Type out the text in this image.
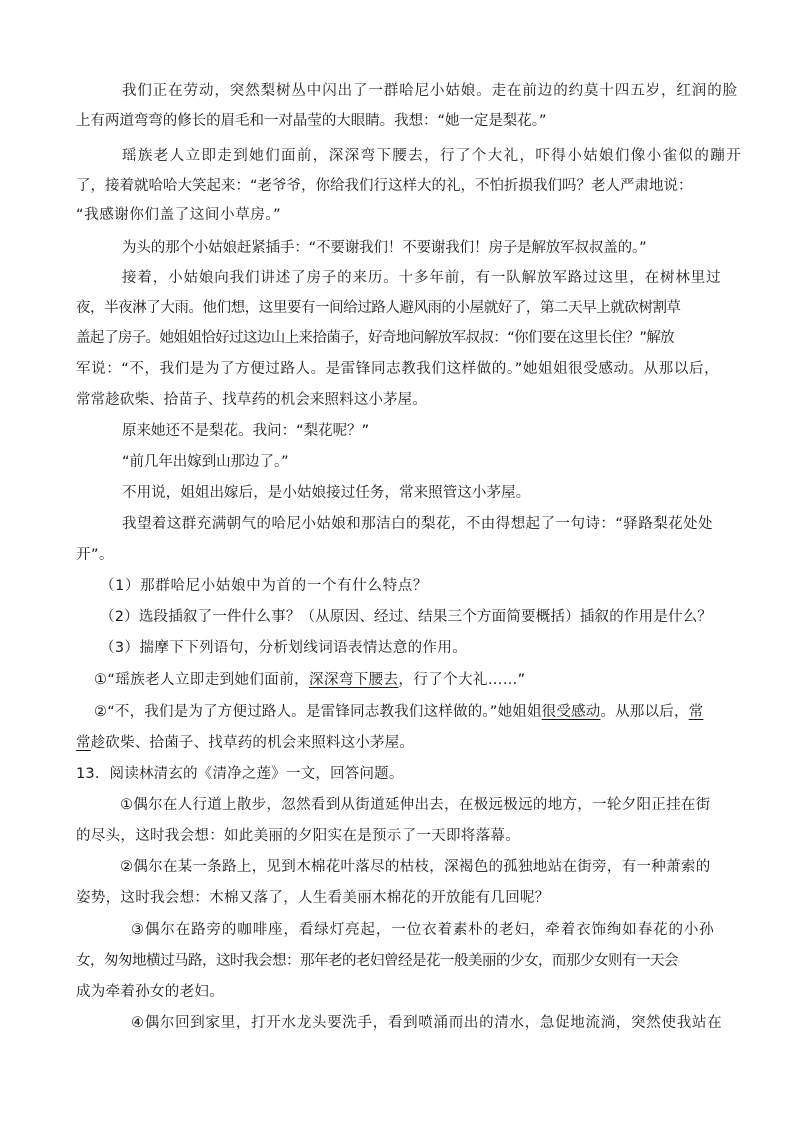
我们正在劳动，突然梨树丛中闪出了一群哈尼小姑娘。走在前边的约莫十四五岁，红润的脸

上有两道弯弯的修长的眉毛和一对晶莹的大眼睛。我想：“她一定是梨花。”

瑶族老人立即走到她们面前，深深弯下腰去，行了个大礼，吓得小姑娘们像小雀似的蹦开

了，接着就哈哈大笑起来：“老爷爷，你给我们行这样大的礼，不怕折损我们吗？老人严肃地说：

“我感谢你们盖了这间小草房。”

为头的那个小姑娘赶紧插手：“不要谢我们！不要谢我们！房子是解放军叔叔盖的。”

接着，小姑娘向我们讲述了房子的来历。十多年前，有一队解放军路过这里，在树林里过

夜，半夜淋了大雨。他们想，这里要有一间给过路人避风雨的小屋就好了，第二天早上就砍树割草

盖起了房子。她姐姐恰好过这边山上来拾菌子，好奇地问解放军叔叔：“你们要在这里长住？”解放

军说：“不，我们是为了方便过路人。是雷锋同志教我们这样做的。”她姐姐很受感动。从那以后，

常常趁砍柴、拾苗子、找草药的机会来照料这小茅屋。

原来她还不是梨花。我问：“梨花呢？”

“前几年出嫁到山那边了。”

不用说，姐姐出嫁后，是小姑娘接过任务，常来照管这小茅屋。

我望着这群充满朝气的哈尼小姑娘和那洁白的梨花，不由得想起了一句诗：“驿路梨花处处

开”。

（1）那群哈尼小姑娘中为首的一个有什么特点？

（2）选段插叙了一件什么事？（从原因、经过、结果三个方面简要概括）插叙的作用是什么？

（3）揣摩下下列语句，分析划线词语表情达意的作用。

①“瑶族老人立即走到她们面前，深深弯下腰去，行了个大礼……”

②“不，我们是为了方便过路人。是雷锋同志教我们这样做的。”她姐姐很受感动。从那以后，常

常趁砍柴、拾菌子、找草药的机会来照料这小茅屋。

13．阅读林清玄的《清净之莲》一文，回答问题。

①偶尔在人行道上散步，忽然看到从街道延伸出去，在极远极远的地方，一轮夕阳正挂在街

的尽头，这时我会想：如此美丽的夕阳实在是预示了一天即将落幕。

②偶尔在某一条路上，见到木棉花叶落尽的枯枝，深褐色的孤独地站在街旁，有一种萧索的

姿势，这时我会想：木棉又落了，人生看美丽木棉花的开放能有几回呢？

③偶尔在路旁的咖啡座，看绿灯亮起，一位衣着素朴的老妇，牵着衣饰绚如春花的小孙

女，匆匆地横过马路，这时我会想：那年老的老妇曾经是花一般美丽的少女，而那少女则有一天会

成为牵着孙女的老妇。

④偶尔回到家里，打开水龙头要洗手，看到喷涌而出的清水，急促地流淌，突然使我站在
